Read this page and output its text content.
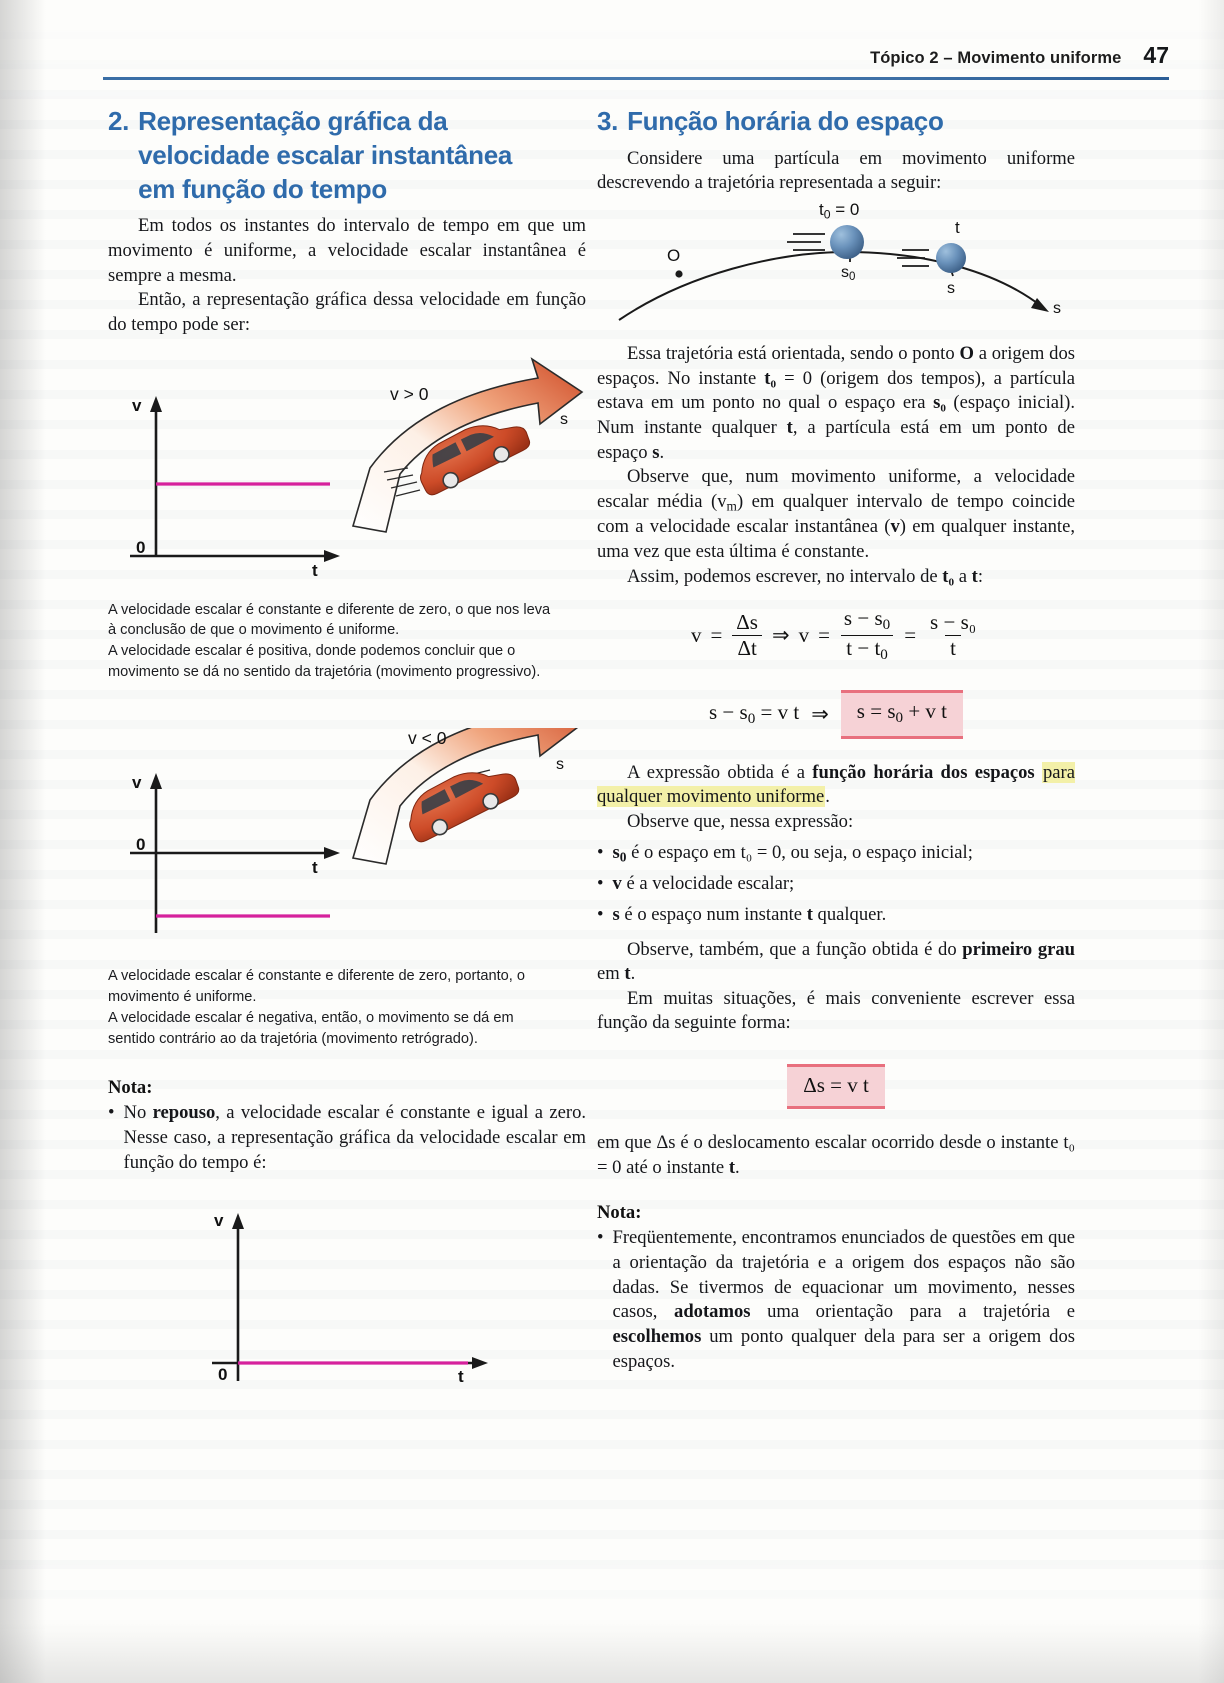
Tópico 2 – Movimento uniforme 47
2. Representação gráfica da
velocidade escalar instantânea
em função do tempo

Em todos os instantes do intervalo de tempo em que um movimento é uniforme, a velocidade escalar instantânea é sempre a mesma.

Então, a representação gráfica dessa velocidade em função do tempo pode ser:

v
t
0
v > 0
s

A velocidade escalar é constante e diferente de zero, o que nos leva
à conclusão de que o movimento é uniforme.
A velocidade escalar é positiva, donde podemos concluir que o
movimento se dá no sentido da trajetória (movimento progressivo).

v
t
0
v < 0
s

A velocidade escalar é constante e diferente de zero, portanto, o
movimento é uniforme.
A velocidade escalar é negativa, então, o movimento se dá em
sentido contrário ao da trajetória (movimento retrógrado).

Nota:

• No repouso, a velocidade escalar é constante e igual a zero. Nesse caso, a representação gráfica da velocidade escalar em função do tempo é:
v
t
0
3. Função horária do espaço

Considere uma partícula em movimento uniforme descrevendo a trajetória representada a seguir:

$t_0 = 0$
t
O
$s_0$
s
s

Essa trajetória está orientada, sendo o ponto O a origem dos espaços. No instante t₀ = 0 (origem dos tempos), a partícula estava em um ponto no qual o espaço era s₀ (espaço inicial). Num instante qualquer t, a partícula está em um ponto de espaço s.

Observe que, num movimento uniforme, a velocidade escalar média $(v_m)$ em qualquer intervalo de tempo coincide com a velocidade escalar instantânea (v) em qualquer instante, uma vez que esta última é constante.

Assim, podemos escrever, no intervalo de t₀ a t:

$v = \frac{\Delta s}{\Delta t}$ ⇒ $v = \frac{s - s_0}{t - t_0} = \frac{\text{s − s₀}}{t}$
$s - s_0 = v$ t ⇒	$s = s_0 + v$ t

A expressão obtida é a função horária dos espaços para qualquer movimento uniforme.

Observe que, nessa expressão:

• $s_0$ é o espaço em t₀ = 0, ou seja, o espaço inicial;
• v é a velocidade escalar;
• s é o espaço num instante t qualquer.

Observe, também, que a função obtida é do primeiro grau em t.

Em muitas situações, é mais conveniente escrever essa função da seguinte forma:

Δs = v t

em que Δs é o deslocamento escalar ocorrido desde o instante t₀ = 0 até o instante t.

Nota:

• Freqüentemente, encontramos enunciados de questões em que a orientação da trajetória e a origem dos espaços não são dadas. Se tivermos de equacionar um movimento, nesses casos, adotamos uma orientação para a trajetória e escolhemos um ponto qualquer dela para ser a origem dos espaços.
